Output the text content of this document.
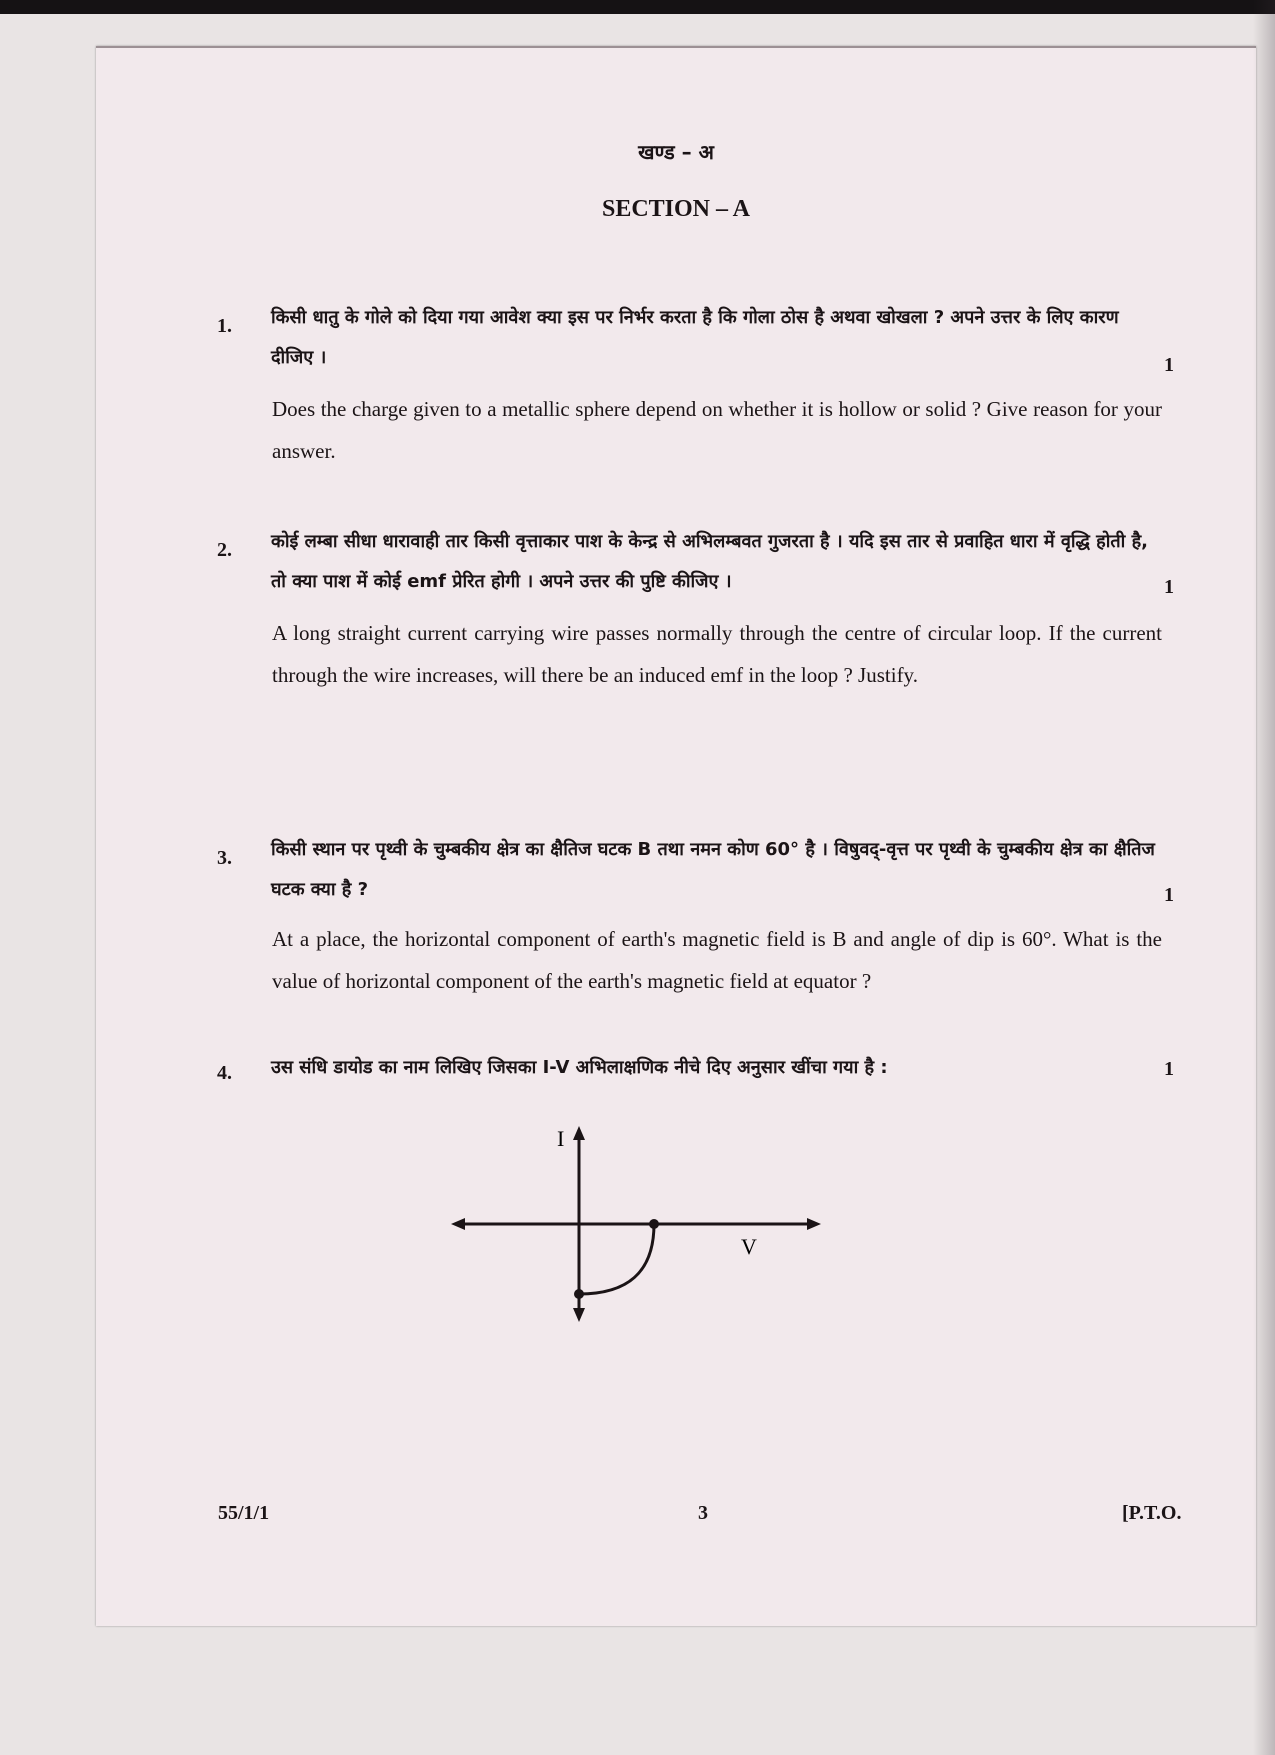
खण्ड – अ
SECTION – A
1. किसी धातु के गोले को दिया गया आवेश क्या इस पर निर्भर करता है कि गोला ठोस है अथवा खोखला ? अपने उत्तर के लिए कारण दीजिए ।	1
Does the charge given to a metallic sphere depend on whether it is hollow or solid ? Give reason for your answer.
2. कोई लम्बा सीधा धारावाही तार किसी वृत्ताकार पाश के केन्द्र से अभिलम्बवत गुजरता है । यदि इस तार से प्रवाहित धारा में वृद्धि होती है, तो क्या पाश में कोई emf प्रेरित होगी । अपने उत्तर की पुष्टि कीजिए ।	1
A long straight current carrying wire passes normally through the centre of circular loop. If the current through the wire increases, will there be an induced emf in the loop ? Justify.
3. किसी स्थान पर पृथ्वी के चुम्बकीय क्षेत्र का क्षैतिज घटक B तथा नमन कोण 60° है । विषुवद्-वृत्त पर पृथ्वी के चुम्बकीय क्षेत्र का क्षैतिज घटक क्या है ?	1
At a place, the horizontal component of earth's magnetic field is B and angle of dip is 60°. What is the value of horizontal component of the earth's magnetic field at equator ?
4. उस संधि डायोड का नाम लिखिए जिसका I-V अभिलाक्षणिक नीचे दिए अनुसार खींचा गया है :	1
I
V
55/1/1	3	[P.T.O.
